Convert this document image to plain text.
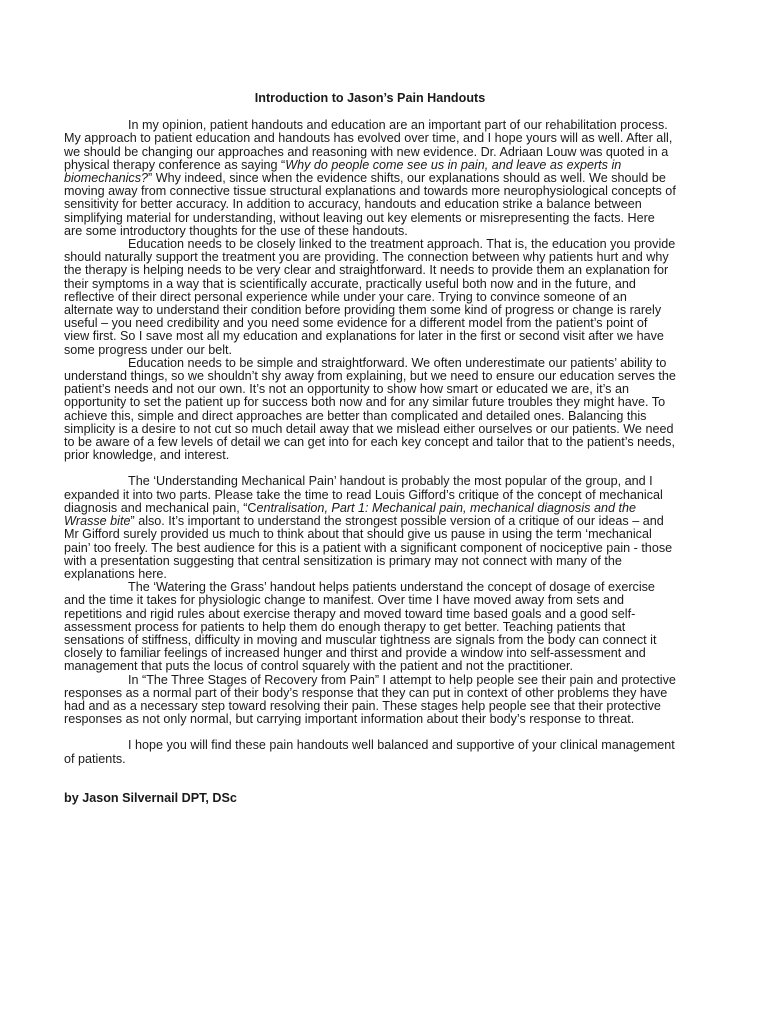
Introduction to Jason’s Pain Handouts

In my opinion, patient handouts and education are an important part of our rehabilitation process. My approach to patient education and handouts has evolved over time, and I hope yours will as well. After all, we should be changing our approaches and reasoning with new evidence. Dr. Adriaan Louw was quoted in a physical therapy conference as saying “Why do people come see us in pain, and leave as experts in biomechanics?” Why indeed, since when the evidence shifts, our explanations should as well. We should be moving away from connective tissue structural explanations and towards more neurophysiological concepts of sensitivity for better accuracy. In addition to accuracy, handouts and education strike a balance between simplifying material for understanding, without leaving out key elements or misrepresenting the facts. Here are some introductory thoughts for the use of these handouts.

Education needs to be closely linked to the treatment approach. That is, the education you provide should naturally support the treatment you are providing. The connection between why patients hurt and why the therapy is helping needs to be very clear and straightforward. It needs to provide them an explanation for their symptoms in a way that is scientifically accurate, practically useful both now and in the future, and reflective of their direct personal experience while under your care. Trying to convince someone of an alternate way to understand their condition before providing them some kind of progress or change is rarely useful – you need credibility and you need some evidence for a different model from the patient’s point of view first. So I save most all my education and explanations for later in the first or second visit after we have some progress under our belt.

Education needs to be simple and straightforward. We often underestimate our patients’ ability to understand things, so we shouldn’t shy away from explaining, but we need to ensure our education serves the patient’s needs and not our own. It’s not an opportunity to show how smart or educated we are, it’s an opportunity to set the patient up for success both now and for any similar future troubles they might have. To achieve this, simple and direct approaches are better than complicated and detailed ones. Balancing this simplicity is a desire to not cut so much detail away that we mislead either ourselves or our patients. We need to be aware of a few levels of detail we can get into for each key concept and tailor that to the patient’s needs, prior knowledge, and interest.

The ‘Understanding Mechanical Pain’ handout is probably the most popular of the group, and I expanded it into two parts. Please take the time to read Louis Gifford’s critique of the concept of mechanical diagnosis and mechanical pain, “Centralisation, Part 1: Mechanical pain, mechanical diagnosis and the Wrasse bite” also. It’s important to understand the strongest possible version of a critique of our ideas – and Mr Gifford surely provided us much to think about that should give us pause in using the term ‘mechanical pain’ too freely. The best audience for this is a patient with a significant component of nociceptive pain - those with a presentation suggesting that central sensitization is primary may not connect with many of the explanations here.

The ‘Watering the Grass’ handout helps patients understand the concept of dosage of exercise and the time it takes for physiologic change to manifest. Over time I have moved away from sets and repetitions and rigid rules about exercise therapy and moved toward time based goals and a good self-assessment process for patients to help them do enough therapy to get better. Teaching patients that sensations of stiffness, difficulty in moving and muscular tightness are signals from the body can connect it closely to familiar feelings of increased hunger and thirst and provide a window into self-assessment and management that puts the locus of control squarely with the patient and not the practitioner.

In “The Three Stages of Recovery from Pain” I attempt to help people see their pain and protective responses as a normal part of their body’s response that they can put in context of other problems they have had and as a necessary step toward resolving their pain. These stages help people see that their protective responses as not only normal, but carrying important information about their body’s response to threat.

I hope you will find these pain handouts well balanced and supportive of your clinical management of patients.

by Jason Silvernail DPT, DSc
